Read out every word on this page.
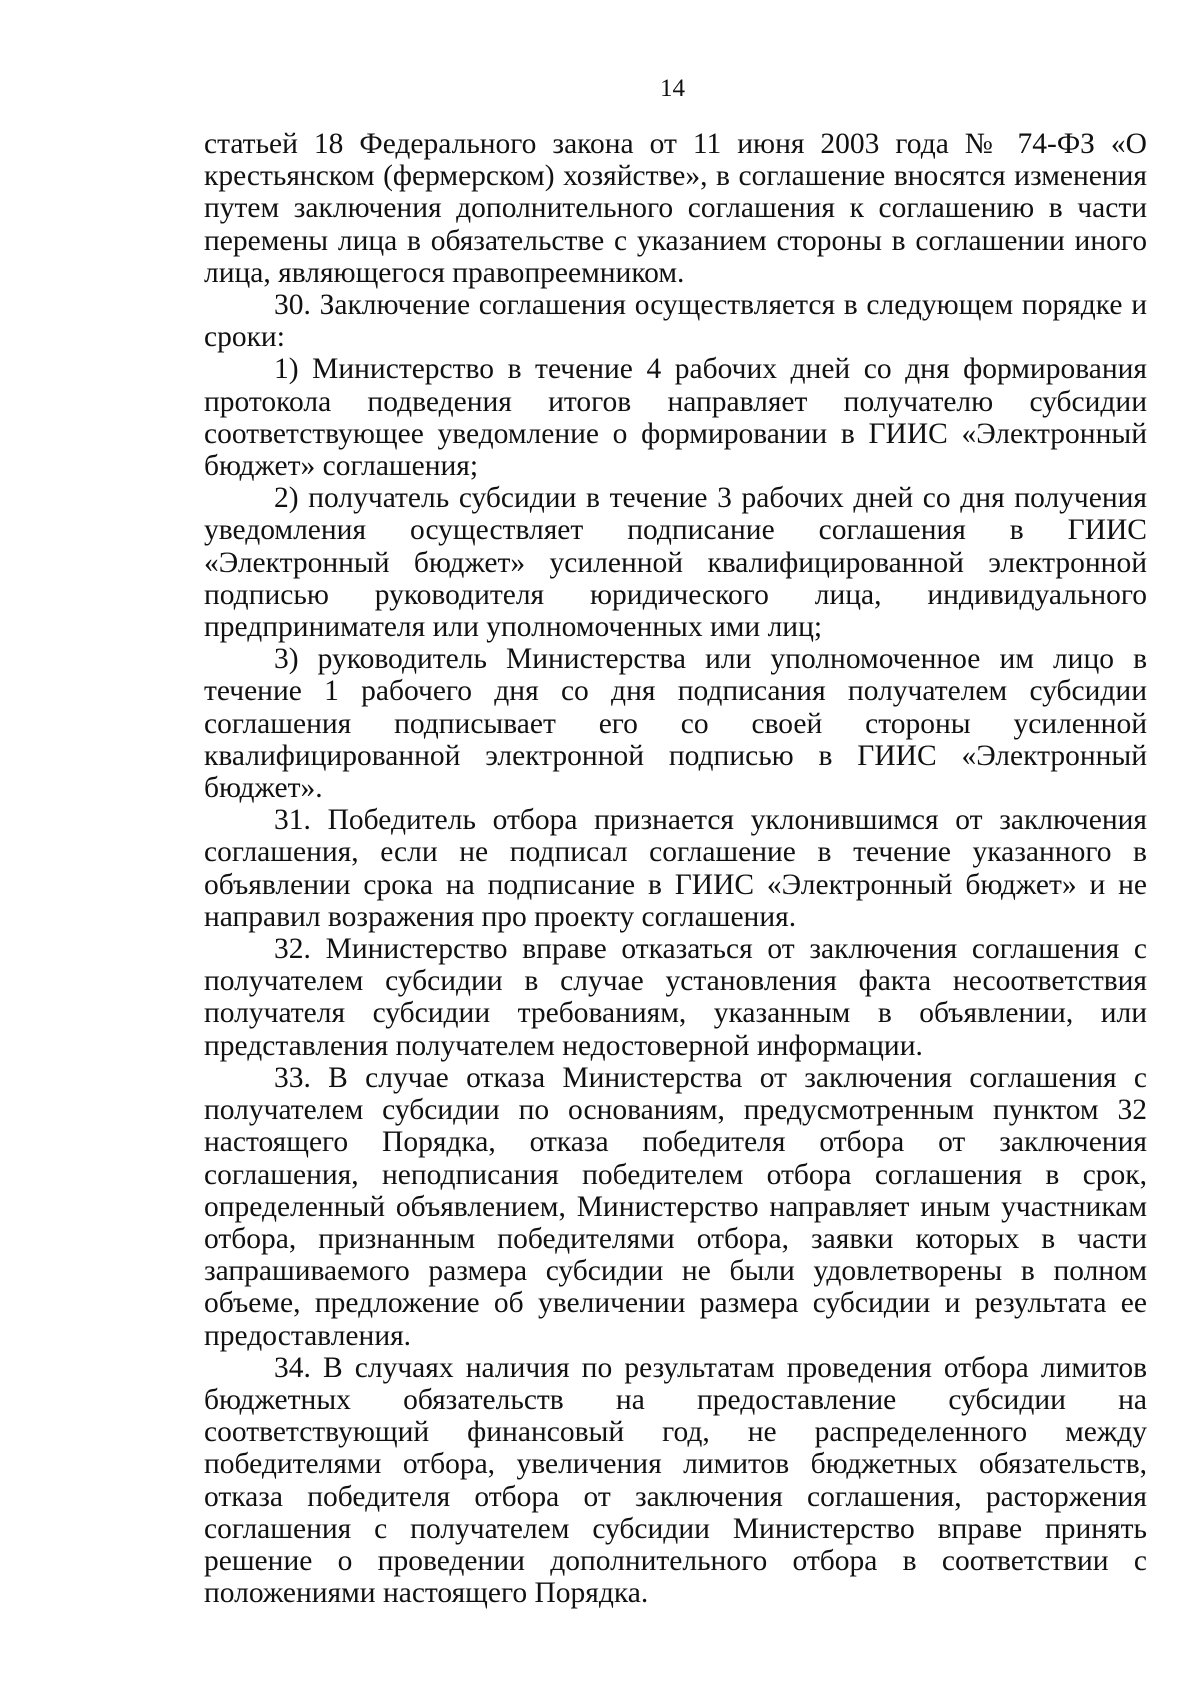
14

статьей 18 Федерального закона от 11 июня 2003 года № 74-ФЗ «О крестьянском (фермерском) хозяйстве», в соглашение вносятся изменения путем заключения дополнительного соглашения к соглашению в части перемены лица в обязательстве с указанием стороны в соглашении иного лица, являющегося правопреемником.

30. Заключение соглашения осуществляется в следующем порядке и сроки:

1) Министерство в течение 4 рабочих дней со дня формирования протокола подведения итогов направляет получателю субсидии соответствующее уведомление о формировании в ГИИС «Электронный бюджет» соглашения;

2) получатель субсидии в течение 3 рабочих дней со дня получения уведомления осуществляет подписание соглашения в ГИИС «Электронный бюджет» усиленной квалифицированной электронной подписью руководителя юридического лица, индивидуального предпринимателя или уполномоченных ими лиц;

3) руководитель Министерства или уполномоченное им лицо в течение 1 рабочего дня со дня подписания получателем субсидии соглашения подписывает его со своей стороны усиленной квалифицированной электронной подписью в ГИИС «Электронный бюджет».

31. Победитель отбора признается уклонившимся от заключения соглашения, если не подписал соглашение в течение указанного в объявлении срока на подписание в ГИИС «Электронный бюджет» и не направил возражения про проекту соглашения.

32. Министерство вправе отказаться от заключения соглашения с получателем субсидии в случае установления факта несоответствия получателя субсидии требованиям, указанным в объявлении, или представления получателем недостоверной информации.

33. В случае отказа Министерства от заключения соглашения с получателем субсидии по основаниям, предусмотренным пунктом 32 настоящего Порядка, отказа победителя отбора от заключения соглашения, неподписания победителем отбора соглашения в срок, определенный объявлением, Министерство направляет иным участникам отбора, признанным победителями отбора, заявки которых в части запрашиваемого размера субсидии не были удовлетворены в полном объеме, предложение об увеличении размера субсидии и результата ее предоставления.

34. В случаях наличия по результатам проведения отбора лимитов бюджетных обязательств на предоставление субсидии на соответствующий финансовый год, не распределенного между победителями отбора, увеличения лимитов бюджетных обязательств, отказа победителя отбора от заключения соглашения, расторжения соглашения с получателем субсидии Министерство вправе принять решение о проведении дополнительного отбора в соответствии с положениями настоящего Порядка.
